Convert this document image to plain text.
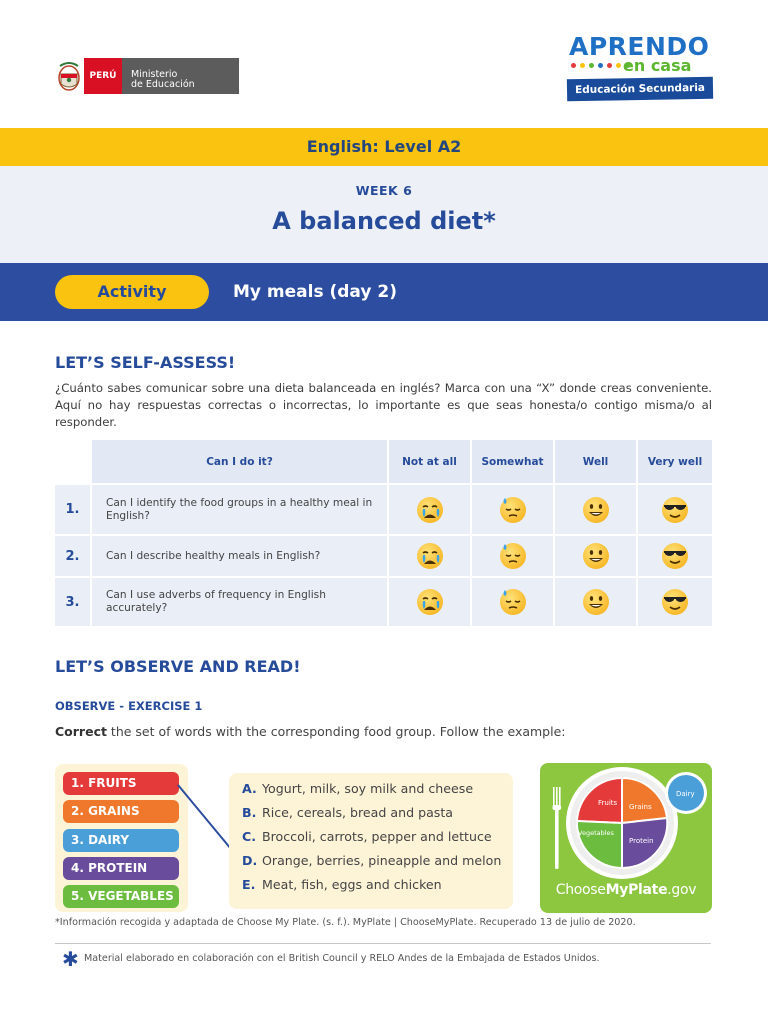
PERÚ	Ministerio
de Educación
APRENDO
en casa
Educación Secundaria
English: Level A2
WEEK 6
A balanced diet*
Activity	My meals (day 2)
LET’S SELF-ASSESS!
¿Cuánto sabes comunicar sobre una dieta balanceada en inglés? Marca con una “X” donde creas conveniente. Aquí no hay respuestas correctas o incorrectas, lo importante es que seas honesta/o contigo misma/o al responder.
Can I do it?	Not at all	Somewhat	Well	Very well
1.	Can I identify the food groups in a healthy meal in English?
2.	Can I describe healthy meals in English?
3.	Can I use adverbs of frequency in English accurately?
LET’S OBSERVE AND READ!
OBSERVE - EXERCISE 1
Correct the set of words with the corresponding food group. Follow the example:
1. FRUITS
2. GRAINS
3. DAIRY
4. PROTEIN
5. VEGETABLES
A. Yogurt, milk, soy milk and cheese
B. Rice, cereals, bread and pasta
C. Broccoli, carrots, pepper and lettuce
D. Orange, berries, pineapple and melon
E. Meat, fish, eggs and chicken
Fruits Grains
Vegetables
Protein
Dairy
ChooseMyPlate.gov
*Información recogida y adaptada de Choose My Plate. (s. f.). MyPlate | ChooseMyPlate. Recuperado 13 de julio de 2020.
✱ Material elaborado en colaboración con el British Council y RELO Andes de la Embajada de Estados Unidos.
